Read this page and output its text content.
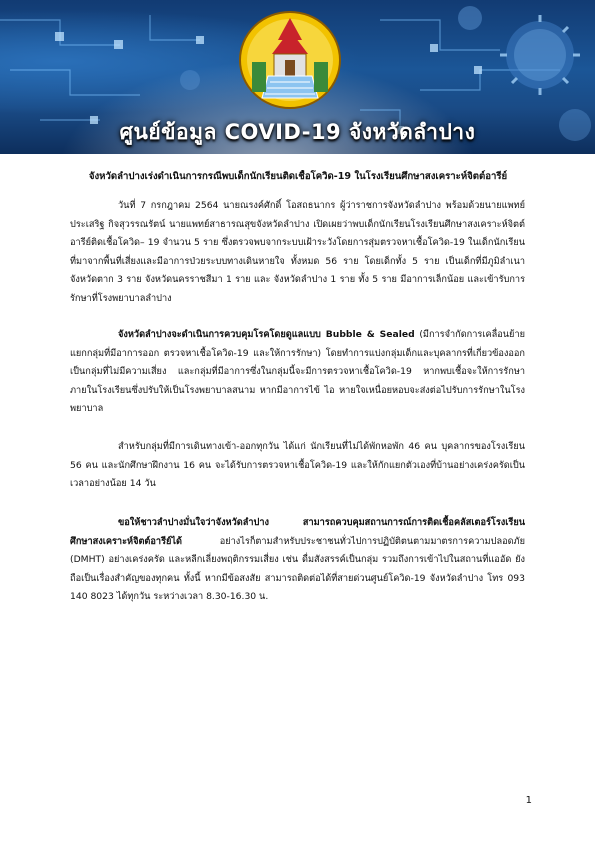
ศูนย์ข้อมูล COVID-19 จังหวัดลำปาง
จังหวัดลำปางเร่งดำเนินการกรณีพบเด็กนักเรียนติดเชื้อโควิด-19 ในโรงเรียนศึกษาสงเคราะห์จิตต์อารีย์
วันที่ 7 กรกฎาคม 2564 นายณรงค์ศักดิ์ โอสถธนากร ผู้ว่าราชการจังหวัดลำปาง พร้อมด้วยนายแพทย์ประเสริฐ กิจสุวรรณรัตน์ นายแพทย์สาธารณสุขจังหวัดลำปาง เปิดเผยว่าพบเด็กนักเรียนโรงเรียนศึกษาสงเคราะห์จิตต์อารีย์ติดเชื้อโควิด– 19 จำนวน 5 ราย ซึ่งตรวจพบจากระบบเฝ้าระวังโดยการสุ่มตรวจหาเชื้อโควิด-19 ในเด็กนักเรียนที่มาจากพื้นที่เสี่ยงและมีอาการป่วยระบบทางเดินหายใจ ทั้งหมด 56 ราย โดยเด็กทั้ง 5 ราย เป็นเด็กที่มีภูมิลำเนาจังหวัดตาก 3 ราย จังหวัดนครราชสีมา 1 ราย และ จังหวัดลำปาง 1 ราย ทั้ง 5 ราย มีอาการเล็กน้อย และเข้ารับการรักษาที่โรงพยาบาลลำปาง
จังหวัดลำปางจะดำเนินการควบคุมโรคโดยดูแลแบบ Bubble & Sealed (มีการจำกัดการเคลื่อนย้าย แยกกลุ่มที่มีอาการออก ตรวจหาเชื้อโควิด-19 และให้การรักษา) โดยทำการแบ่งกลุ่มเด็กและบุคลากรที่เกี่ยวข้องออกเป็นกลุ่มที่ไม่มีความเสี่ยง และกลุ่มที่มีอาการซึ่งในกลุ่มนี้จะมีการตรวจหาเชื้อโควิด-19 หากพบเชื้อจะให้การรักษาภายในโรงเรียนซึ่งปรับให้เป็นโรงพยาบาลสนาม หากมีอาการไข้ ไอ หายใจเหนื่อยหอบจะส่งต่อไปรับการรักษาในโรงพยาบาล
สำหรับกลุ่มที่มีการเดินทางเข้า-ออกทุกวัน ได้แก่ นักเรียนที่ไม่ได้พักหอพัก 46 คน บุคลากรของโรงเรียน 56 คน และนักศึกษาฝึกงาน 16 คน จะได้รับการตรวจหาเชื้อโควิด-19 และให้กักแยกตัวเองที่บ้านอย่างเคร่งครัดเป็นเวลาอย่างน้อย 14 วัน
ขอให้ชาวลำปางมั่นใจว่าจังหวัดลำปาง สามารถควบคุมสถานการณ์การติดเชื้อคลัสเตอร์โรงเรียนศึกษาสงเคราะห์จิตต์อารีย์ได้ อย่างไรก็ตามสำหรับประชาชนทั่วไปการปฏิบัติตนตามมาตรการความปลอดภัย (DMHT) อย่างเคร่งครัด และหลีกเลี่ยงพฤติกรรมเสี่ยง เช่น ดื่มสังสรรค์เป็นกลุ่ม รวมถึงการเข้าไปในสถานที่แออัด ยังถือเป็นเรื่องสำคัญของทุกคน ทั้งนี้ หากมีข้อสงสัย สามารถติดต่อได้ที่สายด่วนศูนย์โควิด-19 จังหวัดลำปาง โทร 093 140 8023 ได้ทุกวัน ระหว่างเวลา 8.30-16.30 น.
1
